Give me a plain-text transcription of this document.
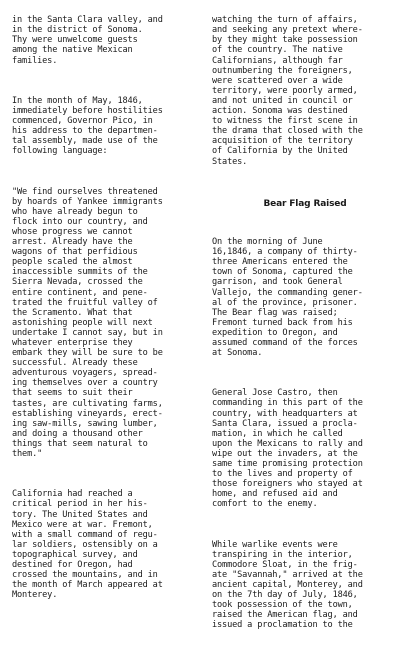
in the Santa Clara valley, and
in the district of Sonoma.
Thy were unwelcome guests
among the native Mexican
families.

In the month of May, 1846,
immediately before hostilities
commenced, Governor Pico, in
his address to the departmen-
tal assembly, made use of the
following language:

"We find ourselves threatened
by hoards of Yankee immigrants
who have already begun to
flock into our country, and
whose progress we cannot
arrest. Already have the
wagons of that perfidious
people scaled the almost
inaccessible summits of the
Sierra Nevada, crossed the
entire continent, and pene-
trated the fruitful valley of
the Scramento. What that
astonishing people will next
undertake I cannot say, but in
whatever enterprise they
embark they will be sure to be
successful. Already these
adventurous voyagers, spread-
ing themselves over a country
that seems to suit their
tastes, are cultivating farms,
establishing vineyards, erect-
ing saw-mills, sawing lumber,
and doing a thousand other
things that seem natural to
them."

California had reached a
critical period in her his-
tory. The United States and
Mexico were at war. Fremont,
with a small command of regu-
lar soldiers, ostensibly on a
topographical survey, and
destined for Oregon, had
crossed the mountains, and in
the month of March appeared at
Monterey.

watching the turn of affairs,
and seeking any pretext where-
by they might take possession
of the country. The native
Californians, although far
outnumbering the foreigners,
were scattered over a wide
territory, were poorly armed,
and not united in council or
action. Sonoma was destined
to witness the first scene in
the drama that closed with the
acquisition of the territory
of California by the United
States.

Bear Flag Raised

On the morning of June
16,1846, a company of thirty-
three Americans entered the
town of Sonoma, captured the
garrison, and took General
Vallejo, the commanding gener-
al of the province, prisoner.
The Bear flag was raised;
Fremont turned back from his
expedition to Oregon, and
assumed command of the forces
at Sonoma.

General Jose Castro, then
commanding in this part of the
country, with headquarters at
Santa Clara, issued a procla-
mation, in which he called
upon the Mexicans to rally and
wipe out the invaders, at the
same time promising protection
to the lives and property of
those foreigners who stayed at
home, and refused aid and
comfort to the enemy.

While warlike events were
transpiring in the interior,
Commodore Sloat, in the frig-
ate "Savannah," arrived at the
ancient capital, Monterey, and
on the 7th day of July, 1846,
took possession of the town,
raised the American flag, and
issued a proclamation to the
